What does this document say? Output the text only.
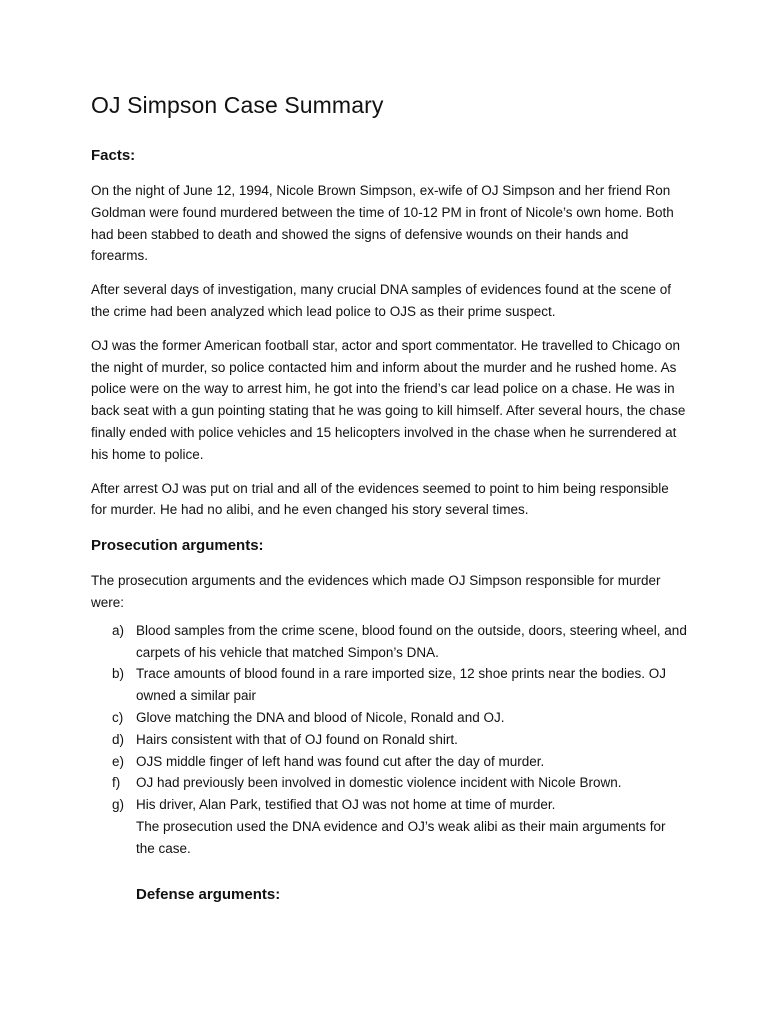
OJ Simpson Case Summary
Facts:

On the night of June 12, 1994, Nicole Brown Simpson, ex-wife of OJ Simpson and her friend Ron Goldman were found murdered between the time of 10-12 PM in front of Nicole’s own home. Both had been stabbed to death and showed the signs of defensive wounds on their hands and forearms.

After several days of investigation, many crucial DNA samples of evidences found at the scene of the crime had been analyzed which lead police to OJS as their prime suspect.

OJ was the former American football star, actor and sport commentator. He travelled to Chicago on the night of murder, so police contacted him and inform about the murder and he rushed home. As police were on the way to arrest him, he got into the friend’s car lead police on a chase. He was in back seat with a gun pointing stating that he was going to kill himself. After several hours, the chase finally ended with police vehicles and 15 helicopters involved in the chase when he surrendered at his home to police.

After arrest OJ was put on trial and all of the evidences seemed to point to him being responsible for murder. He had no alibi, and he even changed his story several times.

Prosecution arguments:

The prosecution arguments and the evidences which made OJ Simpson responsible for murder were:

a) Blood samples from the crime scene, blood found on the outside, doors, steering wheel, and carpets of his vehicle that matched Simpon’s DNA.
b) Trace amounts of blood found in a rare imported size, 12 shoe prints near the bodies. OJ owned a similar pair
c) Glove matching the DNA and blood of Nicole, Ronald and OJ.
d) Hairs consistent with that of OJ found on Ronald shirt.
e) OJS middle finger of left hand was found cut after the day of murder.
f) OJ had previously been involved in domestic violence incident with Nicole Brown.
g) His driver, Alan Park, testified that OJ was not home at time of murder.
The prosecution used the DNA evidence and OJ’s weak alibi as their main arguments for the case.
Defense arguments:
